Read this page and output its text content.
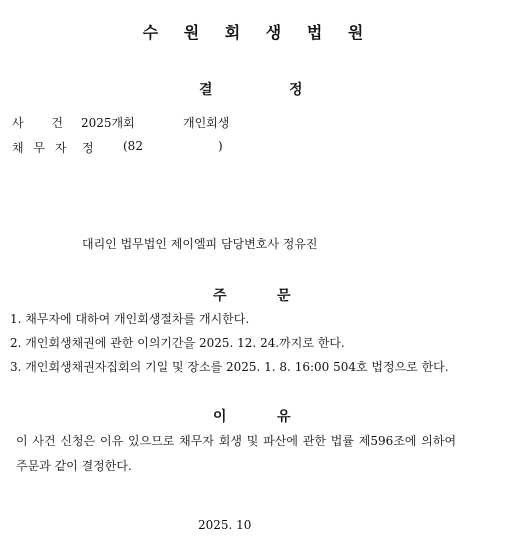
수 원 회 생 법 원
결	정
사 건 2025개회	개인회생
채 무 자 정 (82	)
대리인 법무법인 제이엘피 담당변호사 정유진
주	문
1. 채무자에 대하여 개인회생절차를 개시한다.
2. 개인회생채권에 관한 이의기간을 2025. 12. 24.까지로 한다.
3. 개인회생채권자집회의 기일 및 장소를 2025. 1. 8. 16:00 504호 법정으로 한다.
이	유
이 사건 신청은 이유 있으므로 채무자 회생 및 파산에 관한 법률 제596조에 의하여
주문과 같이 결정한다.
2025. 10
